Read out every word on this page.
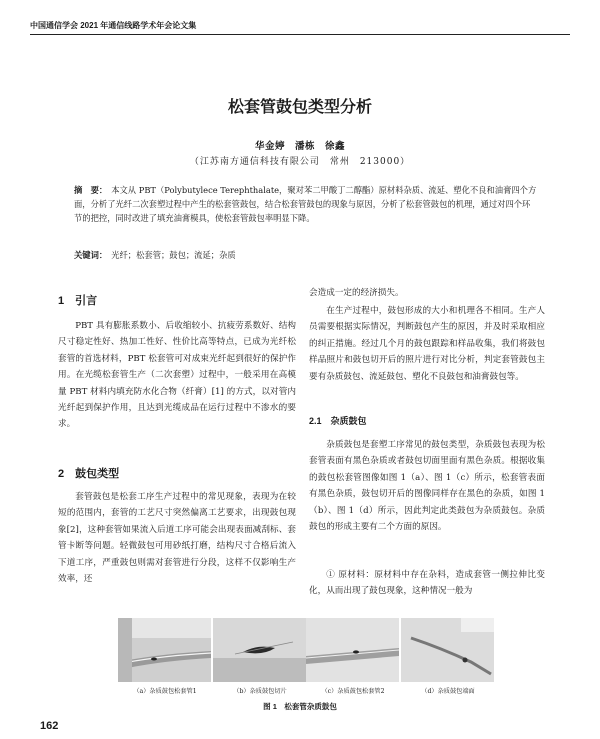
中国通信学会 2021 年通信线路学术年会论文集
松套管鼓包类型分析
华金婷　潘栋　徐鑫
（江苏南方通信科技有限公司　常州　213000）
摘　要： 本文从 PBT（Polybutylece Terephthalate，聚对苯二甲酸丁二醇酯）原材料杂质、流延、塑化不良和油膏四个方面，分析了光纤二次套塑过程中产生的松套管鼓包，结合松套管鼓包的现象与原因，分析了松套管鼓包的机理，通过对四个环节的把控，同时改进了填充油膏模具，使松套管鼓包率明显下降。
关键词： 光纤；松套管；鼓包；流延；杂质
1　引言
PBT 具有膨胀系数小、后收缩较小、抗疲劳系数好、结构尺寸稳定性好、热加工性好、性价比高等特点，已成为光纤松套管的首选材料，PBT 松套管可对成束光纤起到很好的保护作用。在光缆松套管生产（二次套塑）过程中，一般采用在高模量 PBT 材料内填充防水化合物（纤膏）[1] 的方式，以对管内光纤起到保护作用，且达到光缆成品在运行过程中不渗水的要求。
2　鼓包类型
套管鼓包是松套工序生产过程中的常见现象，表现为在较短的范围内，套管的工艺尺寸突然偏离工艺要求，出现鼓包现象[2]，这种套管如果流入后道工序可能会出现表面减刮标、套管卡断等问题。轻微鼓包可用砂纸打磨，结构尺寸合格后流入下道工序，严重鼓包则需对套管进行分段，这样不仅影响生产效率，还
会造成一定的经济损失。
在生产过程中，鼓包形成的大小和机理各不相同。生产人员需要根据实际情况，判断鼓包产生的原因，并及时采取相应的纠正措施。经过几个月的鼓包跟踪和样品收集，我们将鼓包样品照片和鼓包切开后的照片进行对比分析，判定套管鼓包主要有杂质鼓包、流延鼓包、塑化不良鼓包和油膏鼓包等。
2.1　杂质鼓包
杂质鼓包是套塑工序常见的鼓包类型，杂质鼓包表现为松套管表面有黑色杂质或者鼓包切面里面有黑色杂质。根据收集的鼓包松套管图像如图 1（a）、图 1（c）所示，松套管表面有黑色杂质，鼓包切开后的图像同样存在黑色的杂质，如图 1（b）、图 1（d）所示，因此判定此类鼓包为杂质鼓包。杂质鼓包的形成主要有二个方面的原因。
① 原材料：原材料中存在杂料，造成套管一侧拉伸比变化，从而出现了鼓包现象，这种情况一般为
（a）杂质鼓包松套管1	（b）杂质鼓包切片	（c）杂质鼓包松套管2	（d）杂质鼓包端面
图 1　松套管杂质鼓包
162
